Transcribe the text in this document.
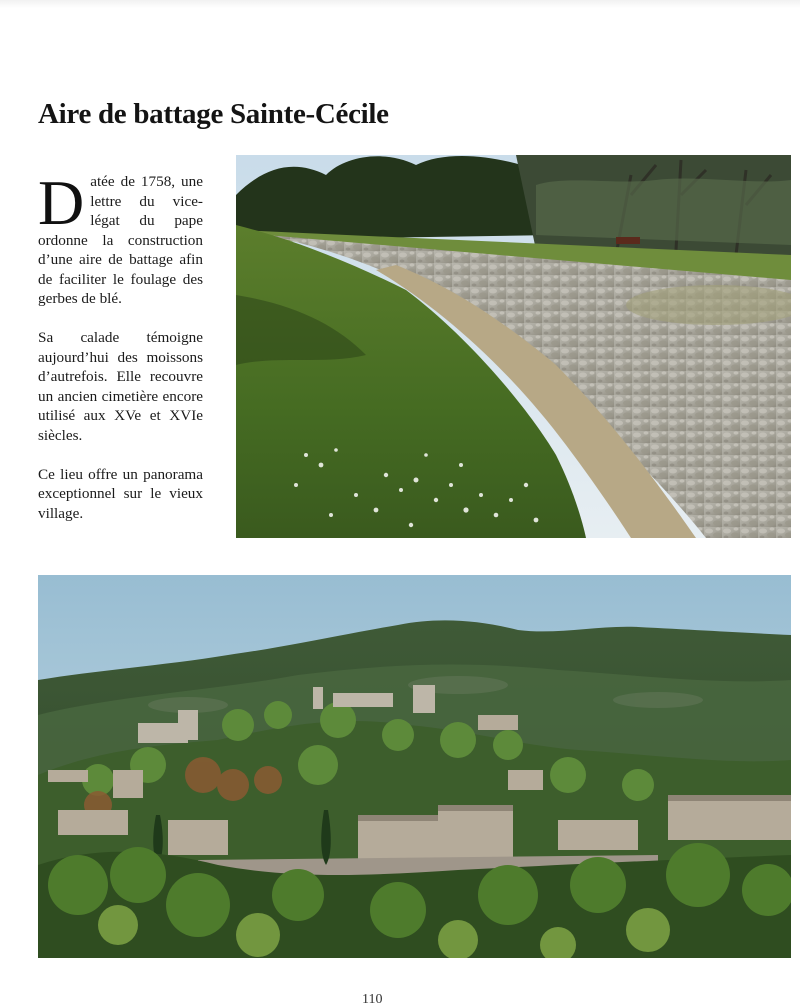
Aire de battage Sainte-Cécile

Datée de 1758, une lettre du vice-légat du pape ordonne la construction d’une aire de battage afin de faciliter le foulage des gerbes de blé.

Sa calade témoigne aujourd’hui des moissons d’autrefois. Elle recouvre un ancien cimetière encore utilisé aux XVe et XVIe siècles.

Ce lieu offre un panorama exceptionnel sur le vieux village.

110
